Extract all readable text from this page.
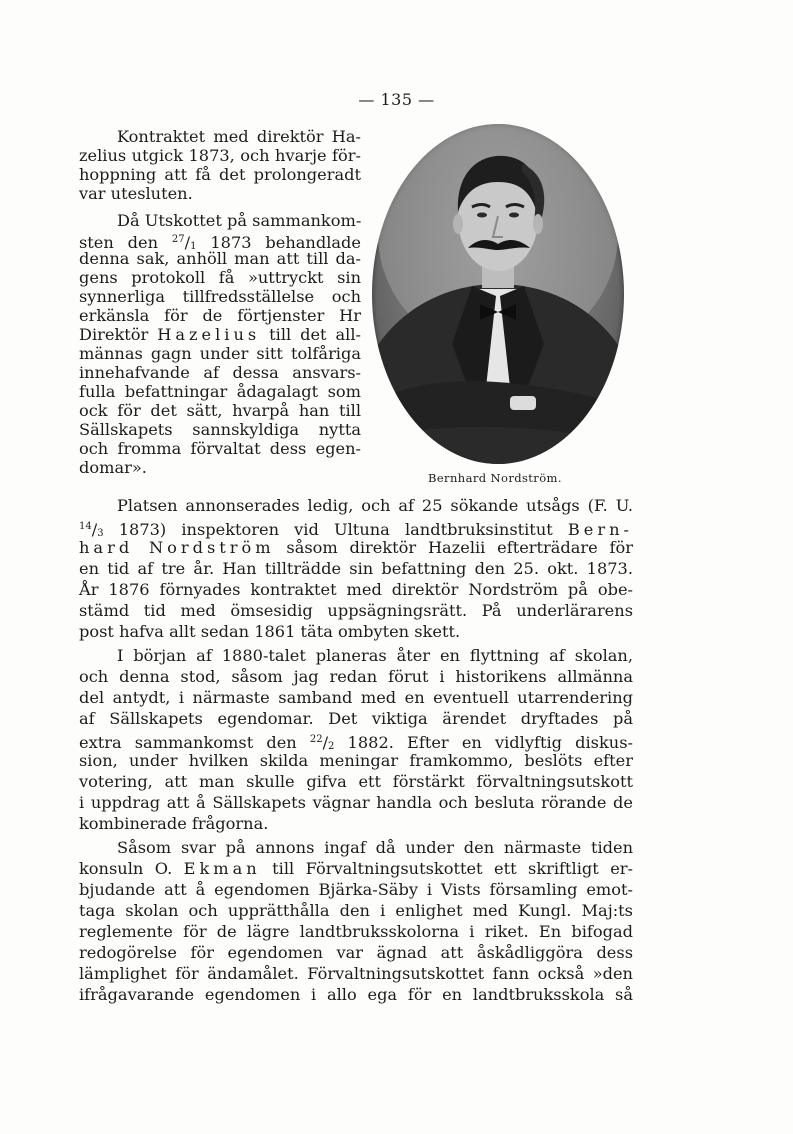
— 135 —
Kontraktet med direktör Ha-
zelius utgick 1873, och hvarje för-
hoppning att få det prolongeradt
var utesluten.
Då Utskottet på sammankom-
sten den $^{27}/_1$ 1873 behandlade
denna sak, anhöll man att till da-
gens protokoll få »uttryckt sin
synnerliga tillfredsställelse och
erkänsla för de förtjenster Hr
Direktör Hazelius till det all-
männas gagn under sitt tolfåriga
innehafvande af dessa ansvars-
fulla befattningar ådagalagt som
ock för det sätt, hvarpå han till
Sällskapets sannskyldiga nytta
och fromma förvaltat dess egen-
domar».
Bernhard Nordström.
Platsen annonserades ledig, och af 25 sökande utsågs (F. U.
$^{14}/_3$ 1873) inspektoren vid Ultuna landtbruksinstitut Bern-
hard Nordström såsom direktör Hazelii efterträdare för
en tid af tre år. Han tillträdde sin befattning den 25. okt. 1873.
År 1876 förnyades kontraktet med direktör Nordström på obe-
stämd tid med ömsesidig uppsägningsrätt. På underlärarens
post hafva allt sedan 1861 täta ombyten skett.
I början af 1880-talet planeras åter en flyttning af skolan,
och denna stod, såsom jag redan förut i historikens allmänna
del antydt, i närmaste samband med en eventuell utarrendering
af Sällskapets egendomar. Det viktiga ärendet dryftades på
extra sammankomst den $^{22}/_2$ 1882. Efter en vidlyftig diskus-
sion, under hvilken skilda meningar framkommo, beslöts efter
votering, att man skulle gifva ett förstärkt förvaltningsutskott
i uppdrag att å Sällskapets vägnar handla och besluta rörande de
kombinerade frågorna.
Såsom svar på annons ingaf då under den närmaste tiden
konsuln O. Ekman till Förvaltningsutskottet ett skriftligt er-
bjudande att å egendomen Bjärka-Säby i Vists församling emot-
taga skolan och upprätthålla den i enlighet med Kungl. Maj:ts
reglemente för de lägre landtbruksskolorna i riket. En bifogad
redogörelse för egendomen var ägnad att åskådliggöra dess
lämplighet för ändamålet. Förvaltningsutskottet fann också »den
ifrågavarande egendomen i allo ega för en landtbruksskola så
